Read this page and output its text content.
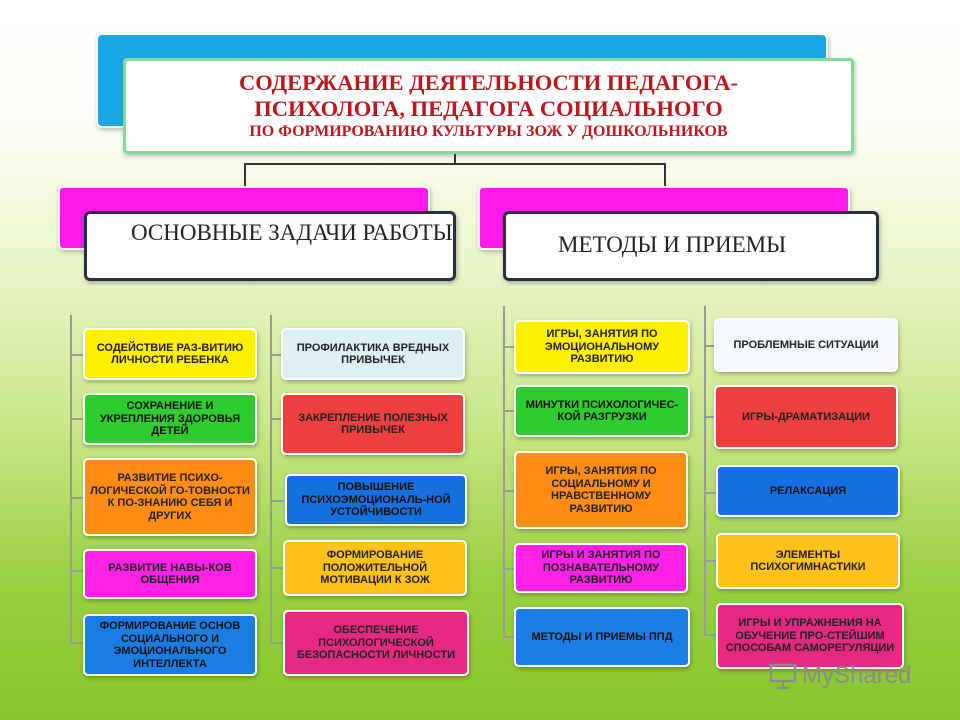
СОДЕРЖАНИЕ ДЕЯТЕЛЬНОСТИ ПЕДАГОГА-
ПСИХОЛОГА, ПЕДАГОГА СОЦИАЛЬНОГО
ПО ФОРМИРОВАНИЮ КУЛЬТУРЫ ЗОЖ У ДОШКОЛЬНИКОВ
ОСНОВНЫЕ ЗАДАЧИ РАБОТЫ	МЕТОДЫ И ПРИЕМЫ
СОДЕЙСТВИЕ РАЗ-ВИТИЮ ЛИЧНОСТИ РЕБЕНКА
СОХРАНЕНИЕ И УКРЕПЛЕНИЯ ЗДОРОВЬЯ ДЕТЕЙ
РАЗВИТИЕ ПСИХО-ЛОГИЧЕСКОЙ ГО-ТОВНОСТИ К ПО-ЗНАНИЮ СЕБЯ И ДРУГИХ
РАЗВИТИЕ НАВЫ-КОВ ОБЩЕНИЯ
ФОРМИРОВАНИЕ ОСНОВ СОЦИАЛЬНОГО И ЭМОЦИОНАЛЬНОГО ИНТЕЛЛЕКТА
ПРОФИЛАКТИКА ВРЕДНЫХ ПРИВЫЧЕК
ЗАКРЕПЛЕНИЕ ПОЛЕЗНЫХ ПРИВЫЧЕК
ПОВЫШЕНИЕ ПСИХОЭМОЦИОНАЛЬ-НОЙ УСТОЙЧИВОСТИ
ФОРМИРОВАНИЕ ПОЛОЖИТЕЛЬНОЙ МОТИВАЦИИ К ЗОЖ
ОБЕСПЕЧЕНИЕ ПСИХОЛОГИЧЕСКОЙ БЕЗОПАСНОСТИ ЛИЧНОСТИ
ИГРЫ, ЗАНЯТИЯ ПО ЭМОЦИОНАЛЬНОМУ РАЗВИТИЮ
МИНУТКИ ПСИХОЛОГИЧЕС-КОЙ РАЗГРУЗКИ
ИГРЫ, ЗАНЯТИЯ ПО СОЦИАЛЬНОМУ И НРАВСТВЕННОМУ РАЗВИТИЮ
ИГРЫ И ЗАНЯТИЯ ПО ПОЗНАВАТЕЛЬНОМУ РАЗВИТИЮ
МЕТОДЫ И ПРИЕМЫ ППД
ПРОБЛЕМНЫЕ СИТУАЦИИ
ИГРЫ-ДРАМАТИЗАЦИИ
РЕЛАКСАЦИЯ
ЭЛЕМЕНТЫ ПСИХОГИМНАСТИКИ
ИГРЫ И УПРАЖНЕНИЯ НА ОБУЧЕНИЕ ПРО-СТЕЙШИМ СПОСОБАМ САМОРЕГУЛЯЦИИ
MyShared
